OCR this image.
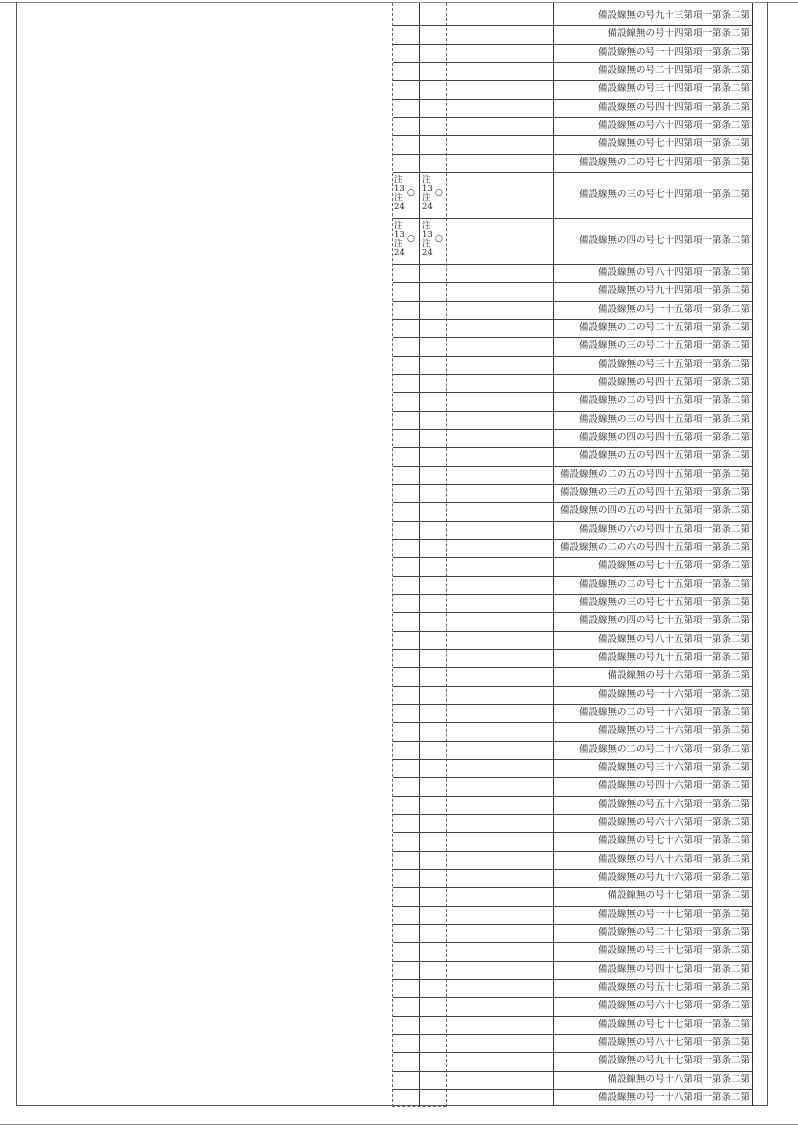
備設線無の号九十三第項一第条二第
備設線無の号十四第項一第条二第
備設線無の号一十四第項一第条二第
備設線無の号二十四第項一第条二第
備設線無の号三十四第項一第条二第
備設線無の号四十四第項一第条二第
備設線無の号六十四第項一第条二第
備設線無の号七十四第項一第条二第
備設線無の二の号七十四第項一第条二第
備設線無の三の号七十四第項一第条二第
注
13
注
24
○
注
13
注
24
○
備設線無の四の号七十四第項一第条二第
注
13
注
24
○
注
13
注
24
○
備設線無の号八十四第項一第条二第
備設線無の号九十四第項一第条二第
備設線無の号一十五第項一第条二第
備設線無の二の号二十五第項一第条二第
備設線無の三の号二十五第項一第条二第
備設線無の号三十五第項一第条二第
備設線無の号四十五第項一第条二第
備設線無の二の号四十五第項一第条二第
備設線無の三の号四十五第項一第条二第
備設線無の四の号四十五第項一第条二第
備設線無の五の号四十五第項一第条二第
備設線無の二の五の号四十五第項一第条二第
備設線無の三の五の号四十五第項一第条二第
備設線無の四の五の号四十五第項一第条二第
備設線無の六の号四十五第項一第条二第
備設線無の二の六の号四十五第項一第条二第
備設線無の号七十五第項一第条二第
備設線無の二の号七十五第項一第条二第
備設線無の三の号七十五第項一第条二第
備設線無の四の号七十五第項一第条二第
備設線無の号八十五第項一第条二第
備設線無の号九十五第項一第条二第
備設線無の号十六第項一第条二第
備設線無の号一十六第項一第条二第
備設線無の二の号一十六第項一第条二第
備設線無の号二十六第項一第条二第
備設線無の二の号二十六第項一第条二第
備設線無の号三十六第項一第条二第
備設線無の号四十六第項一第条二第
備設線無の号五十六第項一第条二第
備設線無の号六十六第項一第条二第
備設線無の号七十六第項一第条二第
備設線無の号八十六第項一第条二第
備設線無の号九十六第項一第条二第
備設線無の号十七第項一第条二第
備設線無の号一十七第項一第条二第
備設線無の号二十七第項一第条二第
備設線無の号三十七第項一第条二第
備設線無の号四十七第項一第条二第
備設線無の号五十七第項一第条二第
備設線無の号六十七第項一第条二第
備設線無の号七十七第項一第条二第
備設線無の号八十七第項一第条二第
備設線無の号九十七第項一第条二第
備設線無の号十八第項一第条二第
備設線無の号一十八第項一第条二第
